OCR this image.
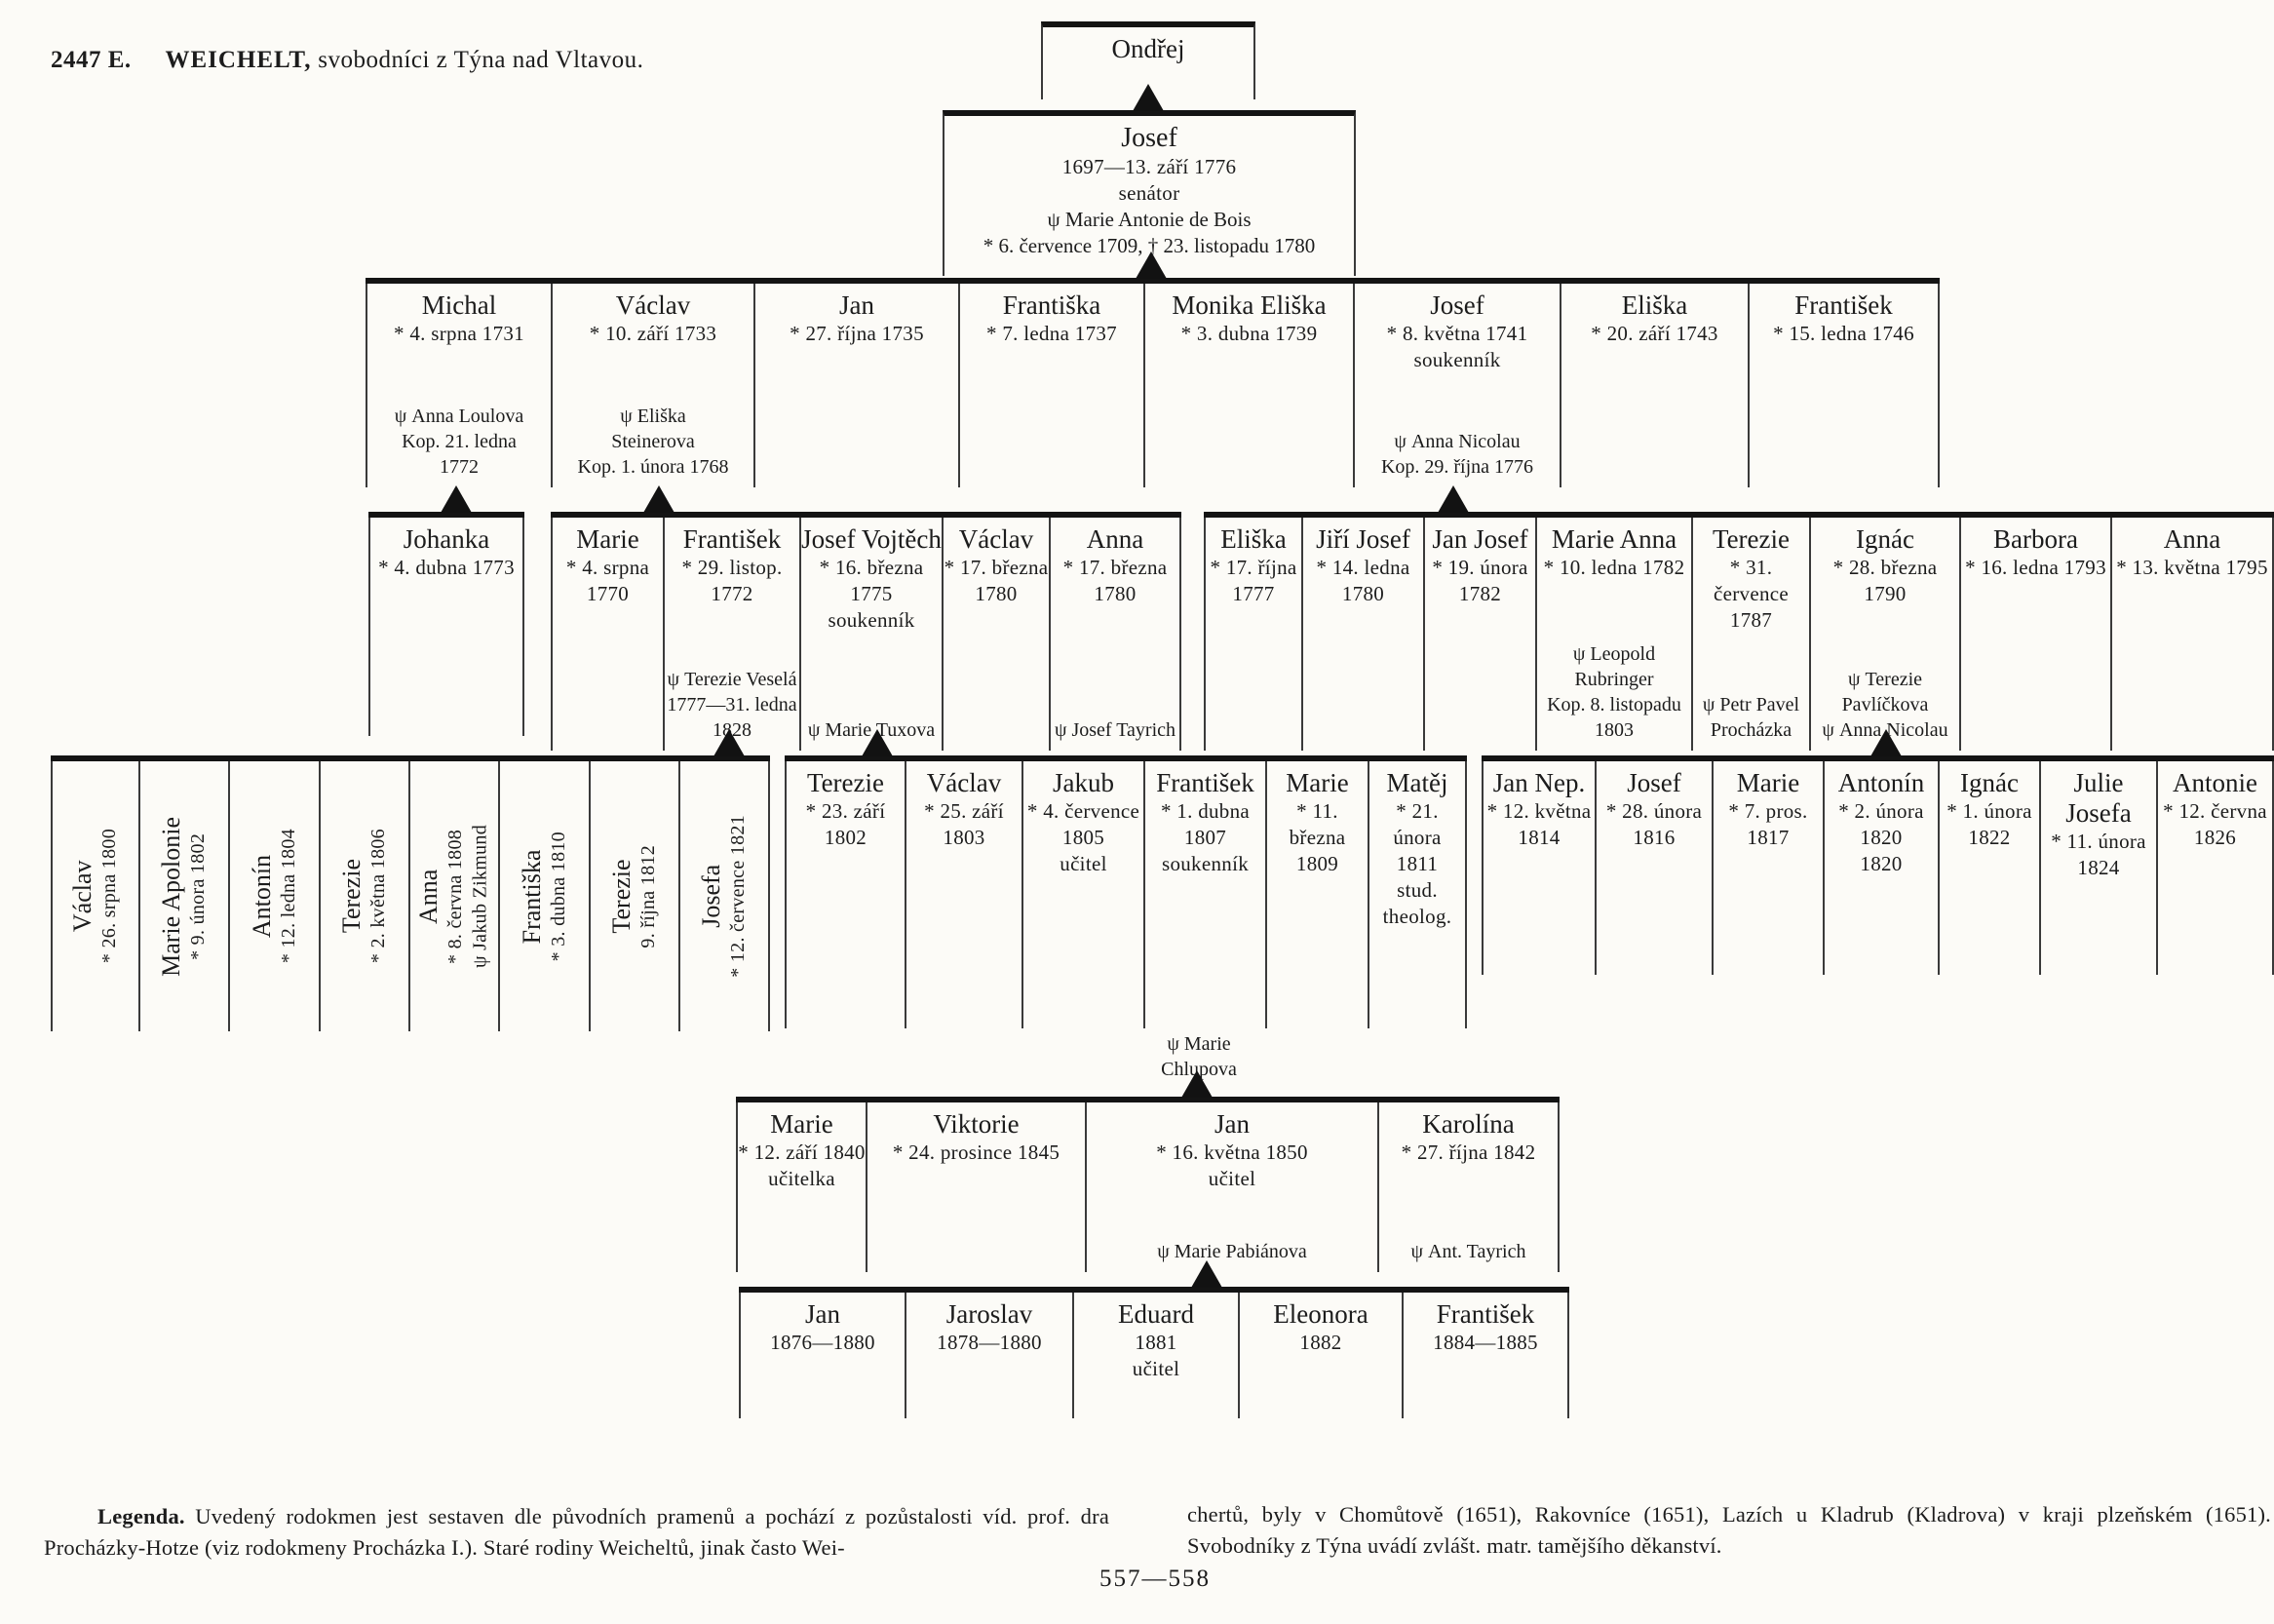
2447 E. WEICHELT, svobodníci z Týna nad Vltavou.	Ondřej
Josef
1697—13. září 1776
senátor
ψ Marie Antonie de Bois
* 6. července 1709, † 23. listopadu 1780
ψ Marie
Chlupova
Legenda. Uvedený rodokmen jest sestaven dle původních pramenů a pochází z pozůstalosti víd. prof. dra Procházky-Hotze (viz rodokmeny Procházka I.). Staré rodiny Weicheltů, jinak často Wei-
chertů, byly v Chomůtově (1651), Rakovníce (1651), Lazích u Kladrub (Kladrova) v kraji plzeňském (1651). Svobodníky z Týna uvádí zvlášt. matr. tamějšího děkanství.
557—558
Michal
* 4. srpna 1731
ψ Anna Loulova
Kop. 21. ledna
1772
Václav
* 10. září 1733
ψ Eliška
Steinerova
Kop. 1. února 1768
Jan
* 27. října 1735
Františka
* 7. ledna 1737
Monika Eliška
* 3. dubna 1739
Josef
* 8. května 1741
soukenník
ψ Anna Nicolau
Kop. 29. října 1776
Eliška
* 20. září 1743
František
* 15. ledna 1746
Johanka
* 4. dubna 1773
Marie
* 4. srpna 1770
František
* 29. listop. 1772
ψ Terezie Veselá
1777—31. ledna
1828
Josef Vojtěch
* 16. března 1775
soukenník
ψ Marie Tuxova
Václav
* 17. března
1780
Anna
* 17. března 1780
ψ Josef Tayrich
Eliška
* 17. října 1777
Jiří Josef
* 14. ledna
1780
Jan Josef
* 19. února
1782
Marie Anna
* 10. ledna 1782
ψ Leopold
Rubringer
Kop. 8. listopadu
1803
Terezie
* 31. července
1787
ψ Petr Pavel
Procházka
Ignác
* 28. března 1790
ψ Terezie
Pavlíčkova
ψ Anna Nicolau
Barbora
* 16. ledna 1793
Anna
* 13. května 1795
Václav * 26. srpna 1800 Marie Apolonie * 9. února 1802 Antonín * 12. ledna 1804 Terezie * 2. května 1806 Anna * 8. června 1808 ψ Jakub Zikmund Františka * 3. dubna 1810 Terezie 9. října 1812 Josefa * 12. července 1821
Terezie
* 23. září 1802
Václav
* 25. září 1803
Jakub
* 4. července
1805
učitel
František
* 1. dubna
1807
soukenník
Marie
* 11. března
1809
Matěj
* 21. února
1811
stud. theolog.
Jan Nep.
* 12. května
1814
Josef
* 28. února
1816
Marie
* 7. pros. 1817
Antonín
* 2. února 1820
1820
Ignác
* 1. února 1822
Julie Josefa
* 11. února
1824
Antonie
* 12. června
1826
Marie
* 12. září 1840
učitelka
Viktorie
* 24. prosince 1845
Jan
* 16. května 1850
učitel
ψ Marie Pabiánova
Karolína
* 27. října 1842
ψ Ant. Tayrich
Jan
1876—1880
Jaroslav
1878—1880
Eduard
1881
učitel
Eleonora
1882
František
1884—1885
